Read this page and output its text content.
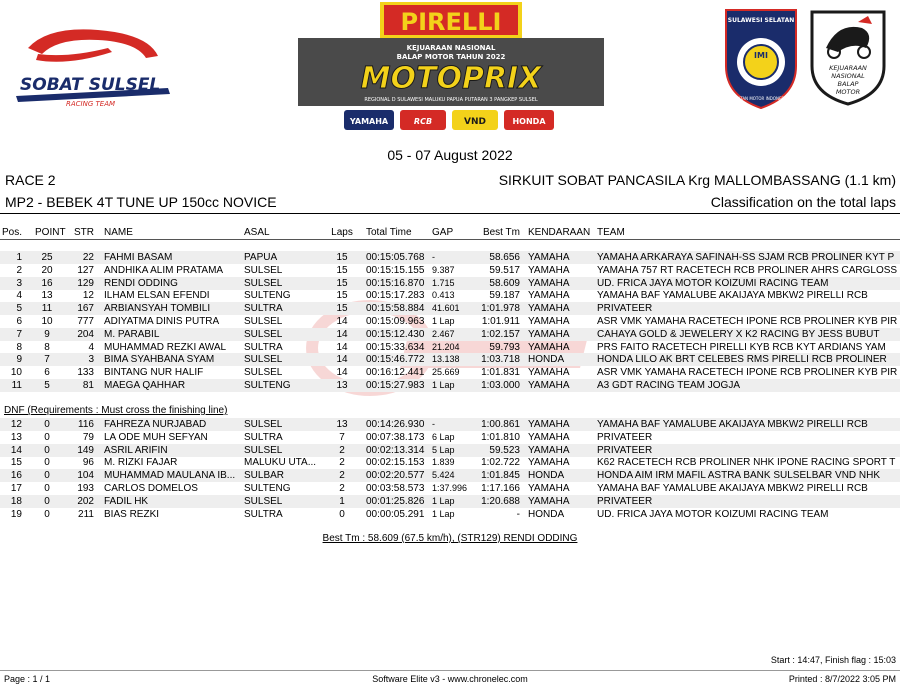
SOBAT SULSEL
RACING TEAM
PIRELLI
KEJUARAAN NASIONAL
BALAP MOTOR TAHUN 2022
MOTOPRIX
REGIONAL D SULAWESI MALUKU PAPUA PUTARAN 3 PANGKEP SULSEL
YAMAHA	RCB	VND	HONDA
SULAWESI SELATAN
IMI
IKATAN MOTOR INDONESIA
KEJUARAAN
NASIONAL
BALAP
MOTOR
05 - 07 August 2022
RACE 2	SIRKUIT SOBAT PANCASILA Krg MALLOMBASSANG (1.1 km)
MP2 - BEBEK 4T TUNE UP 150cc NOVICE	Classification on the total laps
Pos. POINT STR NAME	ASAL	Laps	Total Time	GAP	Best Tm KENDARAAN TEAM
1	25	22 FAHMI BASAM	PAPUA	15	00:15:05.768 -	58.656 YAMAHA	YAMAHA ARKARAYA SAFINAH-SS SJAM RCB PROLINER KYT P
2	20	127 ANDHIKA ALIM PRATAMA	SULSEL	15	00:15:15.155 9.387	59.517 YAMAHA	YAMAHA 757 RT RACETECH RCB PROLINER AHRS CARGLOSS
3	16	129 RENDI ODDING	SULSEL	15	00:15:16.870 1.715	58.609 YAMAHA	UD. FRICA JAYA MOTOR KOIZUMI RACING TEAM
4	13	12 ILHAM ELSAN EFENDI	SULTENG	15	00:15:17.283 0.413	59.187 YAMAHA	YAMAHA BAF YAMALUBE AKAIJAYA MBKW2 PIRELLI RCB
5	11	167 ARBIANSYAH TOMBILI	SULTRA	15	00:15:58.884 41.601	1:01.978 YAMAHA	PRIVATEER
6	10	777 ADIYATMA DINIS PUTRA	SULSEL	14	00:15:09.963 1 Lap	1:01.911 YAMAHA	ASR VMK YAMAHA RACETECH IPONE RCB PROLINER KYB PIR
7	9	204 M. PARABIL	SULSEL	14	00:15:12.430 2.467	1:02.157 YAMAHA	CAHAYA GOLD & JEWELERY X K2 RACING BY JESS BUBUT
8	8	4 MUHAMMAD REZKI AWAL	SULTRA	14	00:15:33.634 21.204	59.793 YAMAHA	PRS FAITO RACETECH PIRELLI KYB RCB KYT ARDIANS YAM
9	7	3 BIMA SYAHBANA SYAM	SULSEL	14	00:15:46.772 13.138	1:03.718 HONDA	HONDA LILO AK BRT CELEBES RMS PIRELLI RCB PROLINER
10	6	133 BINTANG NUR HALIF	SULSEL	14	00:16:12.441 25.669	1:01.831 YAMAHA	ASR VMK YAMAHA RACETECH IPONE RCB PROLINER KYB PIR
11	5	81 MAEGA QAHHAR	SULTENG	13	00:15:27.983 1 Lap	1:03.000 YAMAHA	A3 GDT RACING TEAM JOGJA
DNF (Requirements : Must cross the finishing line)
12	0	116 FAHREZA NURJABAD	SULSEL	13	00:14:26.930 -	1:00.861 YAMAHA	YAMAHA BAF YAMALUBE AKAIJAYA MBKW2 PIRELLI RCB
13	0	79 LA ODE MUH SEFYAN	SULTRA	7	00:07:38.173 6 Lap	1:01.810 YAMAHA	PRIVATEER
14	0	149 ASRIL ARIFIN	SULSEL	2	00:02:13.314 5 Lap	59.523 YAMAHA	PRIVATEER
15	0	96 M. RIZKI FAJAR	MALUKU UTA...	2	00:02:15.153 1.839	1:02.722 YAMAHA	K62 RACETECH RCB PROLINER NHK IPONE RACING SPORT T
16	0	104 MUHAMMAD MAULANA IB... SULBAR	2	00:02:20.577 5.424	1:01.845 HONDA	HONDA AIM IRM MAFIL ASTRA BANK SULSELBAR VND NHK
17	0	193 CARLOS DOMELOS	SULTENG	2	00:03:58.573 1:37.996	1:17.166 YAMAHA	YAMAHA BAF YAMALUBE AKAIJAYA MBKW2 PIRELLI RCB
18	0	202 FADIL HK	SULSEL	1	00:01:25.826 1 Lap	1:20.688 YAMAHA	PRIVATEER
19	0	211 BIAS REZKI	SULTRA	0	00:00:05.291 1 Lap	- HONDA	UD. FRICA JAYA MOTOR KOIZUMI RACING TEAM
Best Tm : 58.609 (67.5 km/h), (STR129) RENDI ODDING
Start : 14:47, Finish flag : 15:03
Page : 1 / 1	Software Elite v3 - www.chronelec.com	Printed : 8/7/2022 3:05 PM
